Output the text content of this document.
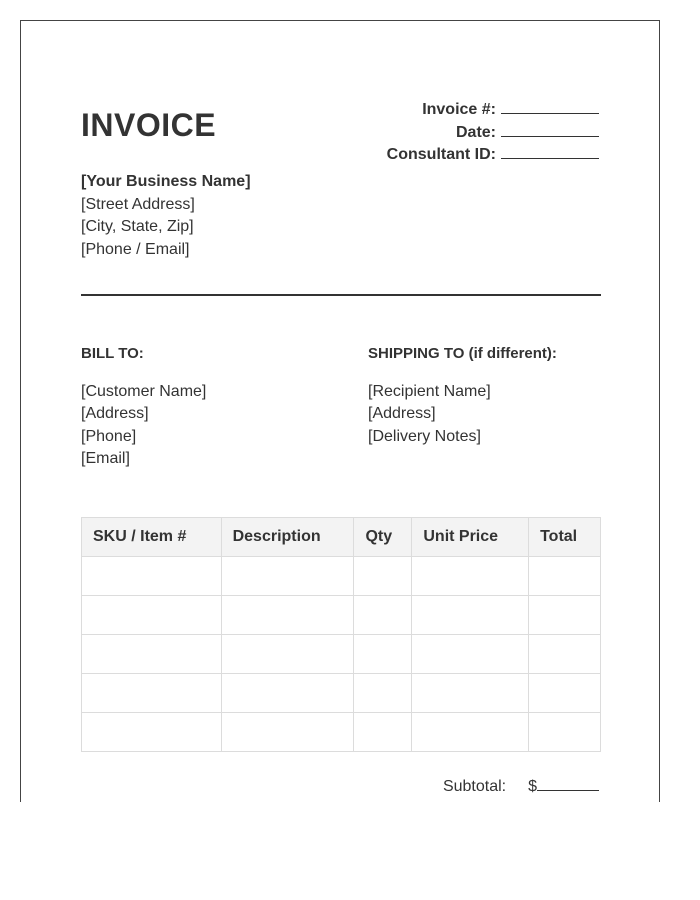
INVOICE	Invoice #:
Date:
Consultant ID:
[Your Business Name]
[Street Address]
[City, State, Zip]
[Phone / Email]
BILL TO:
[Customer Name]
[Address]
[Phone]
[Email]
SHIPPING TO (if different):
[Recipient Name]
[Address]
[Delivery Notes]
SKU / Item #	Description	Qty	Unit Price	Total

Subtotal: $
